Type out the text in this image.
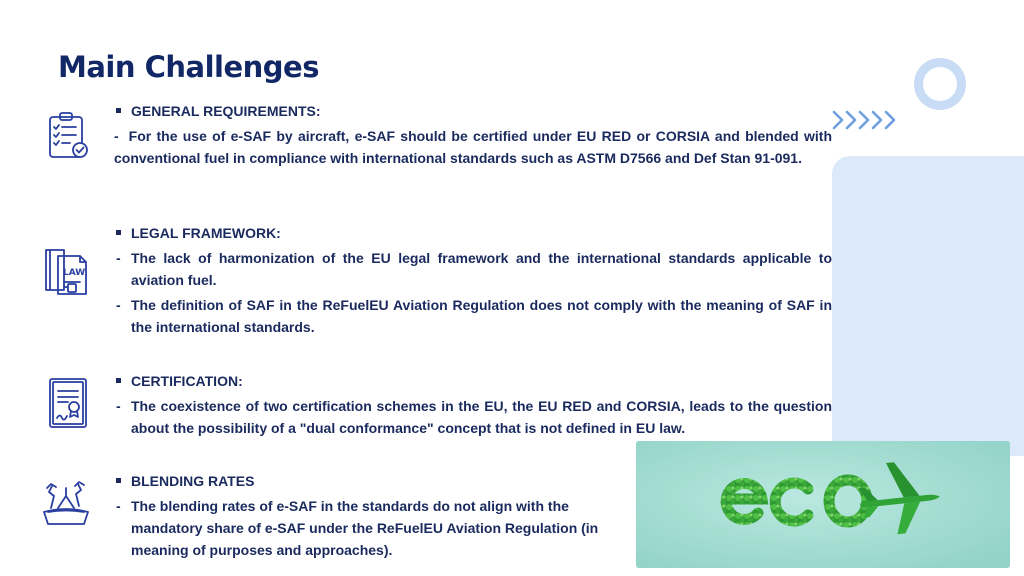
Main Challenges
LAW
GENERAL REQUIREMENTS:
- For the use of e-SAF by aircraft, e-SAF should be certified under EU RED or CORSIA and blended with conventional fuel in compliance with international standards such as ASTM D7566 and Def Stan 91-091.
LEGAL FRAMEWORK:
- The lack of harmonization of the EU legal framework and the international standards applicable to aviation fuel.
- The definition of SAF in the ReFuelEU Aviation Regulation does not comply with the meaning of SAF in the international standards.
CERTIFICATION:
- The coexistence of two certification schemes in the EU, the EU RED and CORSIA, leads to the question about the possibility of a "dual conformance" concept that is not defined in EU law.
BLENDING RATES
- The blending rates of e-SAF in the standards do not align with the mandatory share of e-SAF under the ReFuelEU Aviation Regulation (in meaning of purposes and approaches).
